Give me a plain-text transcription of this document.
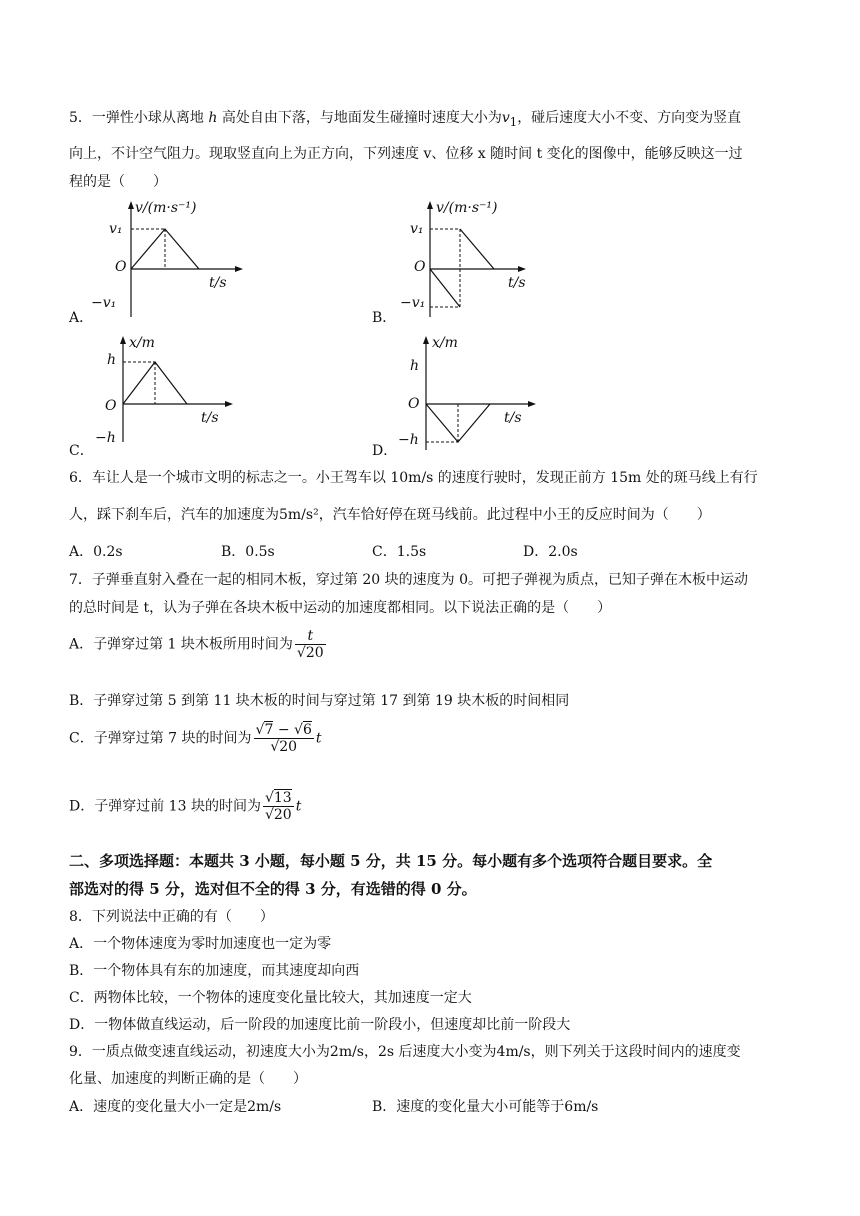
5．一弹性小球从离地 h 高处自由下落，与地面发生碰撞时速度大小为$v_1$，碰后速度大小不变、方向变为竖直
向上，不计空气阻力。现取竖直向上为正方向，下列速度 v、位移 x 随时间 t 变化的图像中，能够反映这一过
程的是（　　）
A．
v/(m·s⁻¹)
v₁
O
−v₁
t/s
B．
v/(m·s⁻¹)
v₁
O
−v₁
t/s
C．
x/m
h
O
−h
t/s
D．
x/m
h
O
−h
t/s
6．车让人是一个城市文明的标志之一。小王驾车以 10m/s 的速度行驶时，发现正前方 15m 处的斑马线上有行
人，踩下刹车后，汽车的加速度为5m/s²，汽车恰好停在斑马线前。此过程中小王的反应时间为（　　）
A．0.2s	B．0.5s	C．1.5s	D．2.0s
7．子弹垂直射入叠在一起的相同木板，穿过第 20 块的速度为 0。可把子弹视为质点，已知子弹在木板中运动
的总时间是 t，认为子弹在各块木板中运动的加速度都相同。以下说法正确的是（　　）
A．子弹穿过第 1 块木板所用时间为 $\frac{t}{√20}$
B．子弹穿过第 5 到第 11 块木板的时间与穿过第 17 到第 19 块木板的时间相同
C．子弹穿过第 7 块的时间为 $\frac{√7 - √6}{√20}$ t
D．子弹穿过前 13 块的时间为 $\frac{√13}{√20}$ t
二、多项选择题：本题共 3 小题，每小题 5 分，共 15 分。每小题有多个选项符合题目要求。全
部选对的得 5 分，选对但不全的得 3 分，有选错的得 0 分。
8．下列说法中正确的有（　　）
A．一个物体速度为零时加速度也一定为零
B．一个物体具有东的加速度，而其速度却向西
C．两物体比较，一个物体的速度变化量比较大，其加速度一定大
D．一物体做直线运动，后一阶段的加速度比前一阶段小，但速度却比前一阶段大
9．一质点做变速直线运动，初速度大小为2m/s，2s 后速度大小变为4m/s，则下列关于这段时间内的速度变
化量、加速度的判断正确的是（　　）
A．速度的变化量大小一定是2m/s	B．速度的变化量大小可能等于6m/s
